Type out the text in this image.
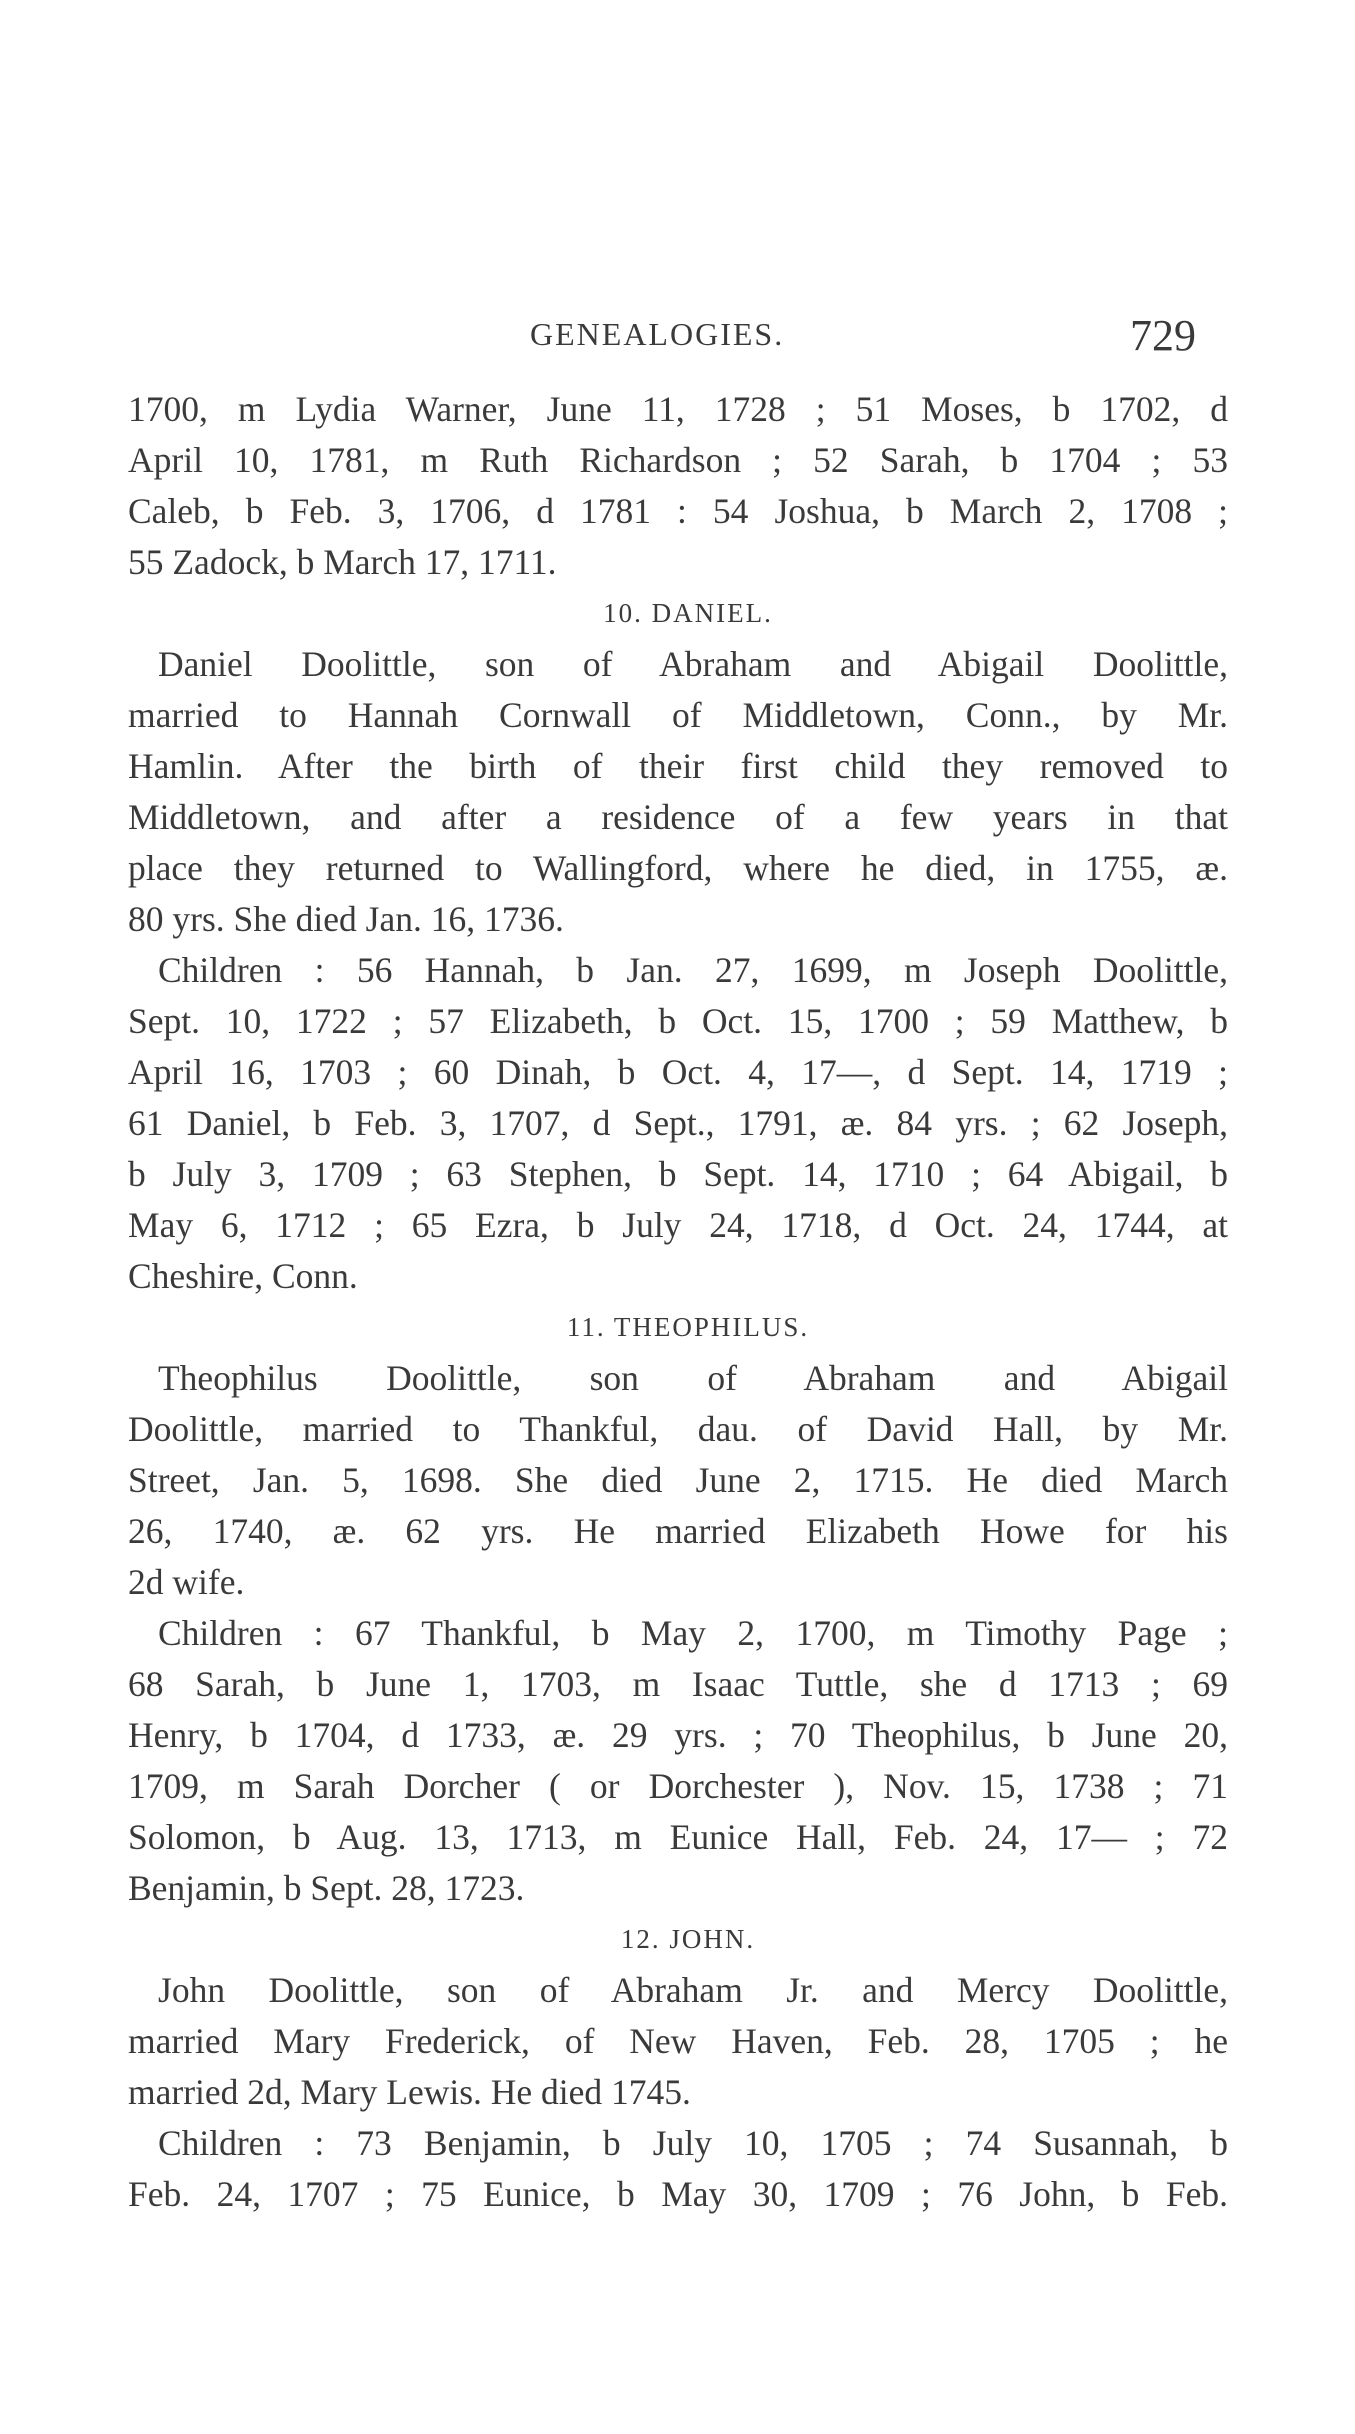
GENEALOGIES.	729
1700, m Lydia Warner, June 11, 1728 ; 51 Moses, b 1702, d
April 10, 1781, m Ruth Richardson ; 52 Sarah, b 1704 ; 53
Caleb, b Feb. 3, 1706, d 1781 : 54 Joshua, b March 2, 1708 ;
55 Zadock, b March 17, 1711.
10. DANIEL.
Daniel Doolittle, son of Abraham and Abigail Doolittle,
married to Hannah Cornwall of Middletown, Conn., by Mr.
Hamlin. After the birth of their first child they removed to
Middletown, and after a residence of a few years in that
place they returned to Wallingford, where he died, in 1755, æ.
80 yrs. She died Jan. 16, 1736.
Children : 56 Hannah, b Jan. 27, 1699, m Joseph Doolittle,
Sept. 10, 1722 ; 57 Elizabeth, b Oct. 15, 1700 ; 59 Matthew, b
April 16, 1703 ; 60 Dinah, b Oct. 4, 17—, d Sept. 14, 1719 ;
61 Daniel, b Feb. 3, 1707, d Sept., 1791, æ. 84 yrs. ; 62 Joseph,
b July 3, 1709 ; 63 Stephen, b Sept. 14, 1710 ; 64 Abigail, b
May 6, 1712 ; 65 Ezra, b July 24, 1718, d Oct. 24, 1744, at
Cheshire, Conn.
11. THEOPHILUS.
Theophilus Doolittle, son of Abraham and Abigail
Doolittle, married to Thankful, dau. of David Hall, by Mr.
Street, Jan. 5, 1698. She died June 2, 1715. He died March
26, 1740, æ. 62 yrs. He married Elizabeth Howe for his
2d wife.
Children : 67 Thankful, b May 2, 1700, m Timothy Page ;
68 Sarah, b June 1, 1703, m Isaac Tuttle, she d 1713 ; 69
Henry, b 1704, d 1733, æ. 29 yrs. ; 70 Theophilus, b June 20,
1709, m Sarah Dorcher ( or Dorchester ), Nov. 15, 1738 ; 71
Solomon, b Aug. 13, 1713, m Eunice Hall, Feb. 24, 17— ; 72
Benjamin, b Sept. 28, 1723.
12. JOHN.
John Doolittle, son of Abraham Jr. and Mercy Doolittle,
married Mary Frederick, of New Haven, Feb. 28, 1705 ; he
married 2d, Mary Lewis. He died 1745.
Children : 73 Benjamin, b July 10, 1705 ; 74 Susannah, b
Feb. 24, 1707 ; 75 Eunice, b May 30, 1709 ; 76 John, b Feb.
